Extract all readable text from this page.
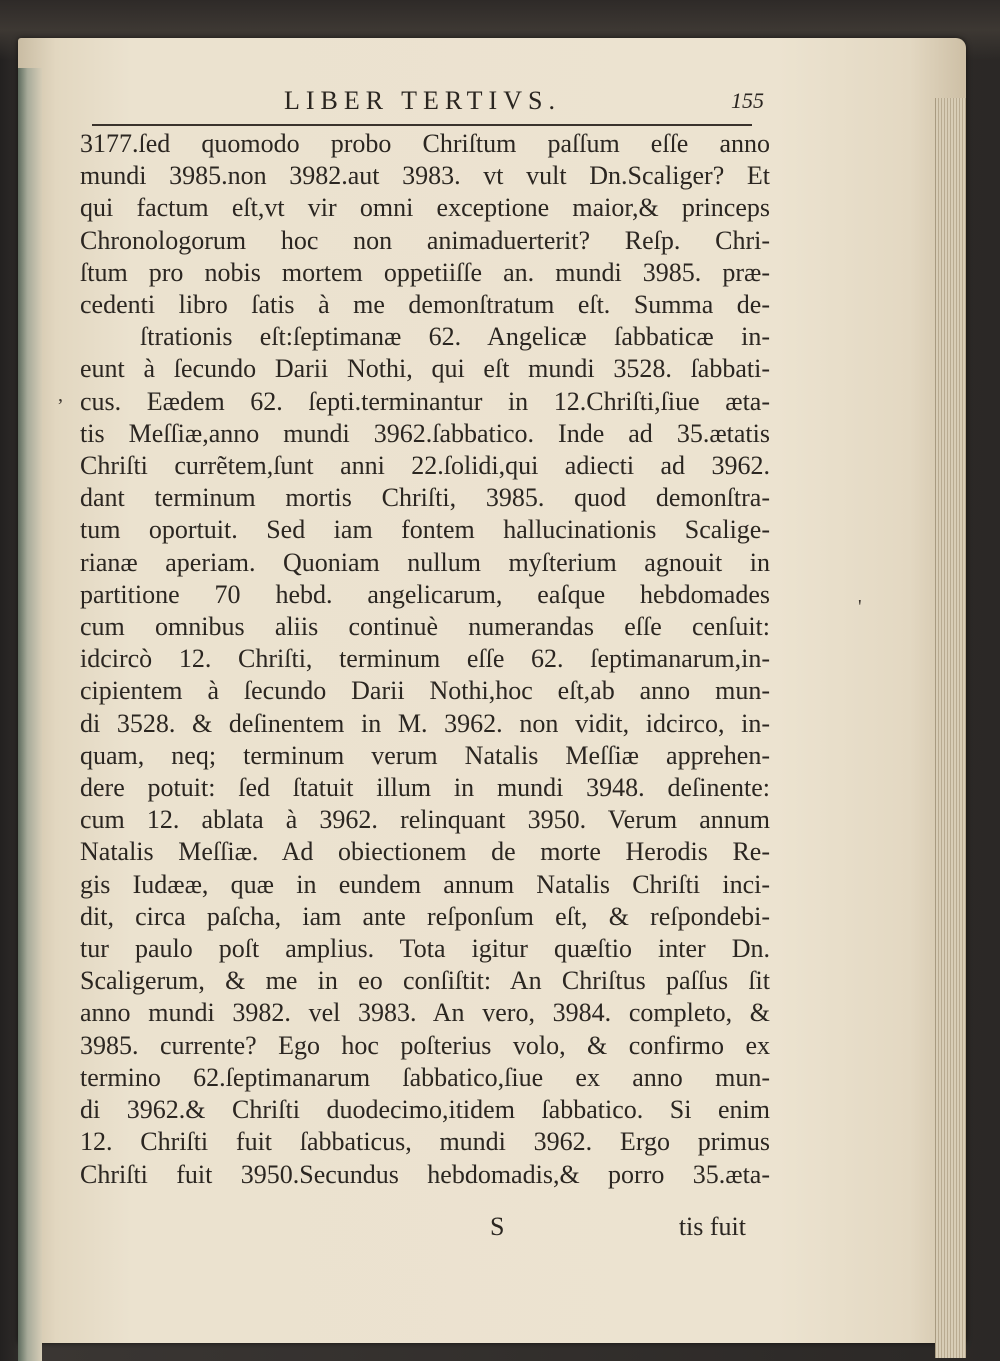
LIBER TERTIVS.	155
3177.ſed quomodo probo Chriſtum paſſum eſſe anno
mundi 3985.non 3982.aut 3983. vt vult Dn.Scaliger? Et
qui factum eſt,vt vir omni exceptione maior,& princeps
Chronologorum hoc non animaduerterit? Reſp. Chri-
ſtum pro nobis mortem oppetiiſſe an. mundi 3985. præ-
cedenti libro ſatis à me demonſtratum eſt. Summa de-
ſtrationis eſt:ſeptimanæ 62. Angelicæ ſabbaticæ in-
eunt à ſecundo Darii Nothi, qui eſt mundi 3528. ſabbati-
cus. Eædem 62. ſepti.terminantur in 12.Chriſti,ſiue æta-
tis Meſſiæ,anno mundi 3962.ſabbatico. Inde ad 35.ætatis
Chriſti currẽtem,ſunt anni 22.ſolidi,qui adiecti ad 3962.
dant terminum mortis Chriſti, 3985. quod demonſtra-
tum oportuit. Sed iam fontem hallucinationis Scalige-
rianæ aperiam. Quoniam nullum myſterium agnouit in
partitione 70 hebd. angelicarum, eaſque hebdomades
cum omnibus aliis continuè numerandas eſſe cenſuit:
idcircò 12. Chriſti, terminum eſſe 62. ſeptimanarum,in-
cipientem à ſecundo Darii Nothi,hoc eſt,ab anno mun-
di 3528. & deſinentem in M. 3962. non vidit, idcirco, in-
quam, neq; terminum verum Natalis Meſſiæ apprehen-
dere potuit: ſed ſtatuit illum in mundi 3948. deſinente:
cum 12. ablata à 3962. relinquant 3950. Verum annum
Natalis Meſſiæ. Ad obiectionem de morte Herodis Re-
gis Iudææ, quæ in eundem annum Natalis Chriſti inci-
dit, circa paſcha, iam ante reſponſum eſt, & reſpondebi-
tur paulo poſt amplius. Tota igitur quæſtio inter Dn.
Scaligerum, & me in eo conſiſtit: An Chriſtus paſſus ſit
anno mundi 3982. vel 3983. An vero, 3984. completo, &
3985. currente? Ego hoc poſterius volo, & confirmo ex
termino 62.ſeptimanarum ſabbatico,ſiue ex anno mun-
di 3962.& Chriſti duodecimo,itidem ſabbatico. Si enim
12. Chriſti fuit ſabbaticus, mundi 3962. Ergo primus
Chriſti fuit 3950.Secundus hebdomadis,& porro 35.æta-
S	tis fuit
,
'
